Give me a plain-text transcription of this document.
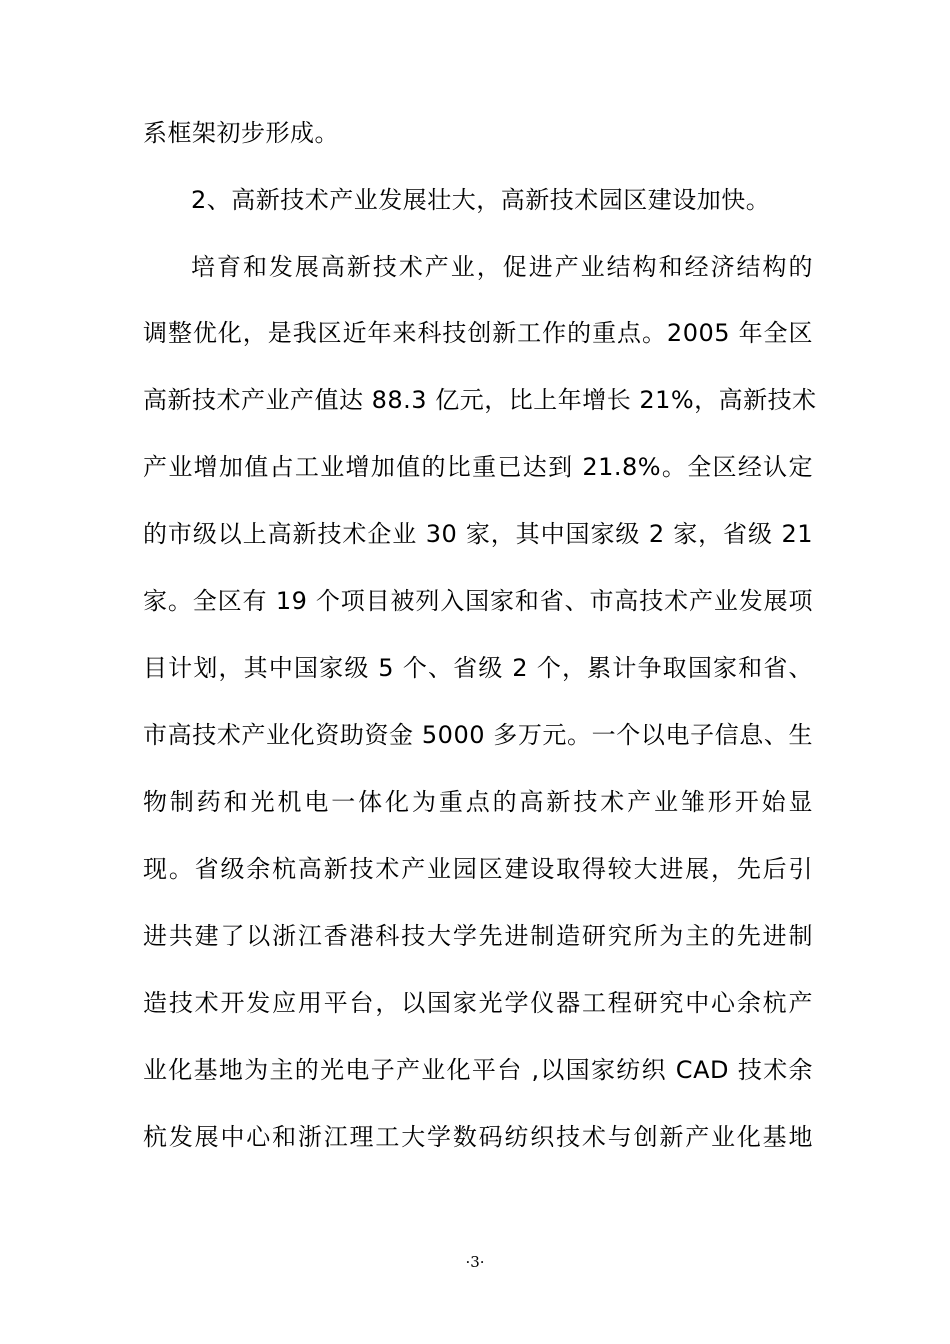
系框架初步形成。
2、高新技术产业发展壮大，高新技术园区建设加快。
培育和发展高新技术产业，促进产业结构和经济结构的
调整优化，是我区近年来科技创新工作的重点。2005 年全区
高新技术产业产值达 88.3 亿元，比上年增长 21%，高新技术
产业增加值占工业增加值的比重已达到 21.8%。全区经认定
的市级以上高新技术企业 30 家，其中国家级 2 家，省级 21
家。全区有 19 个项目被列入国家和省、市高技术产业发展项
目计划，其中国家级 5 个、省级 2 个，累计争取国家和省、
市高技术产业化资助资金 5000 多万元。一个以电子信息、生
物制药和光机电一体化为重点的高新技术产业雏形开始显
现。省级余杭高新技术产业园区建设取得较大进展，先后引
进共建了以浙江香港科技大学先进制造研究所为主的先进制
造技术开发应用平台，以国家光学仪器工程研究中心余杭产
业化基地为主的光电子产业化平台 ,以国家纺织 CAD 技术余
杭发展中心和浙江理工大学数码纺织技术与创新产业化基地
·3·
